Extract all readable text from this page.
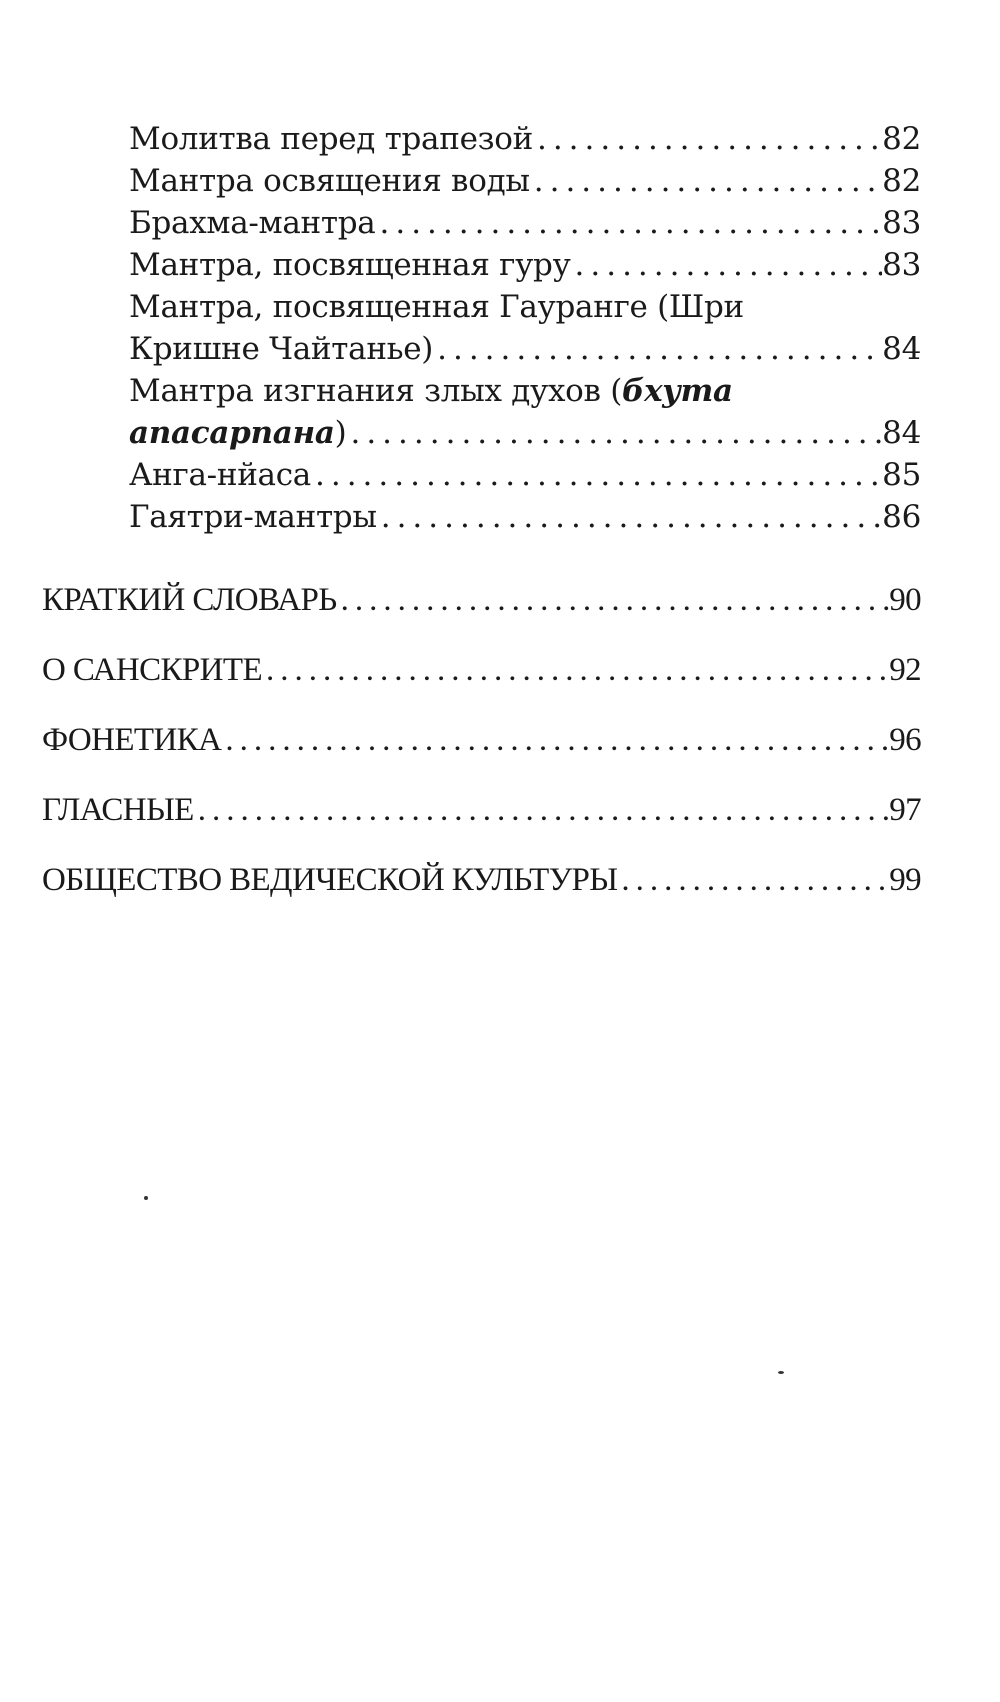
Молитва перед трапезой .....	82
Мантра освящения воды .....	82
Брахма-мантра .....	83
Мантра, посвященная гуру .....	83
Мантра, посвященная Гауранге (Шри
Кришне Чайтанье) .....	84
Мантра изгнания злых духов (бхута
апасарпана) .....	84
Анга-нйаса .....	85
Гаятри-мантры .....	86
КРАТКИЙ СЛОВАРЬ .....	90
О САНСКРИТЕ .....	92
ФОНЕТИКА .....	96
ГЛАСНЫЕ .....	97
ОБЩЕСТВО ВЕДИЧЕСКОЙ КУЛЬТУРЫ .....	99
